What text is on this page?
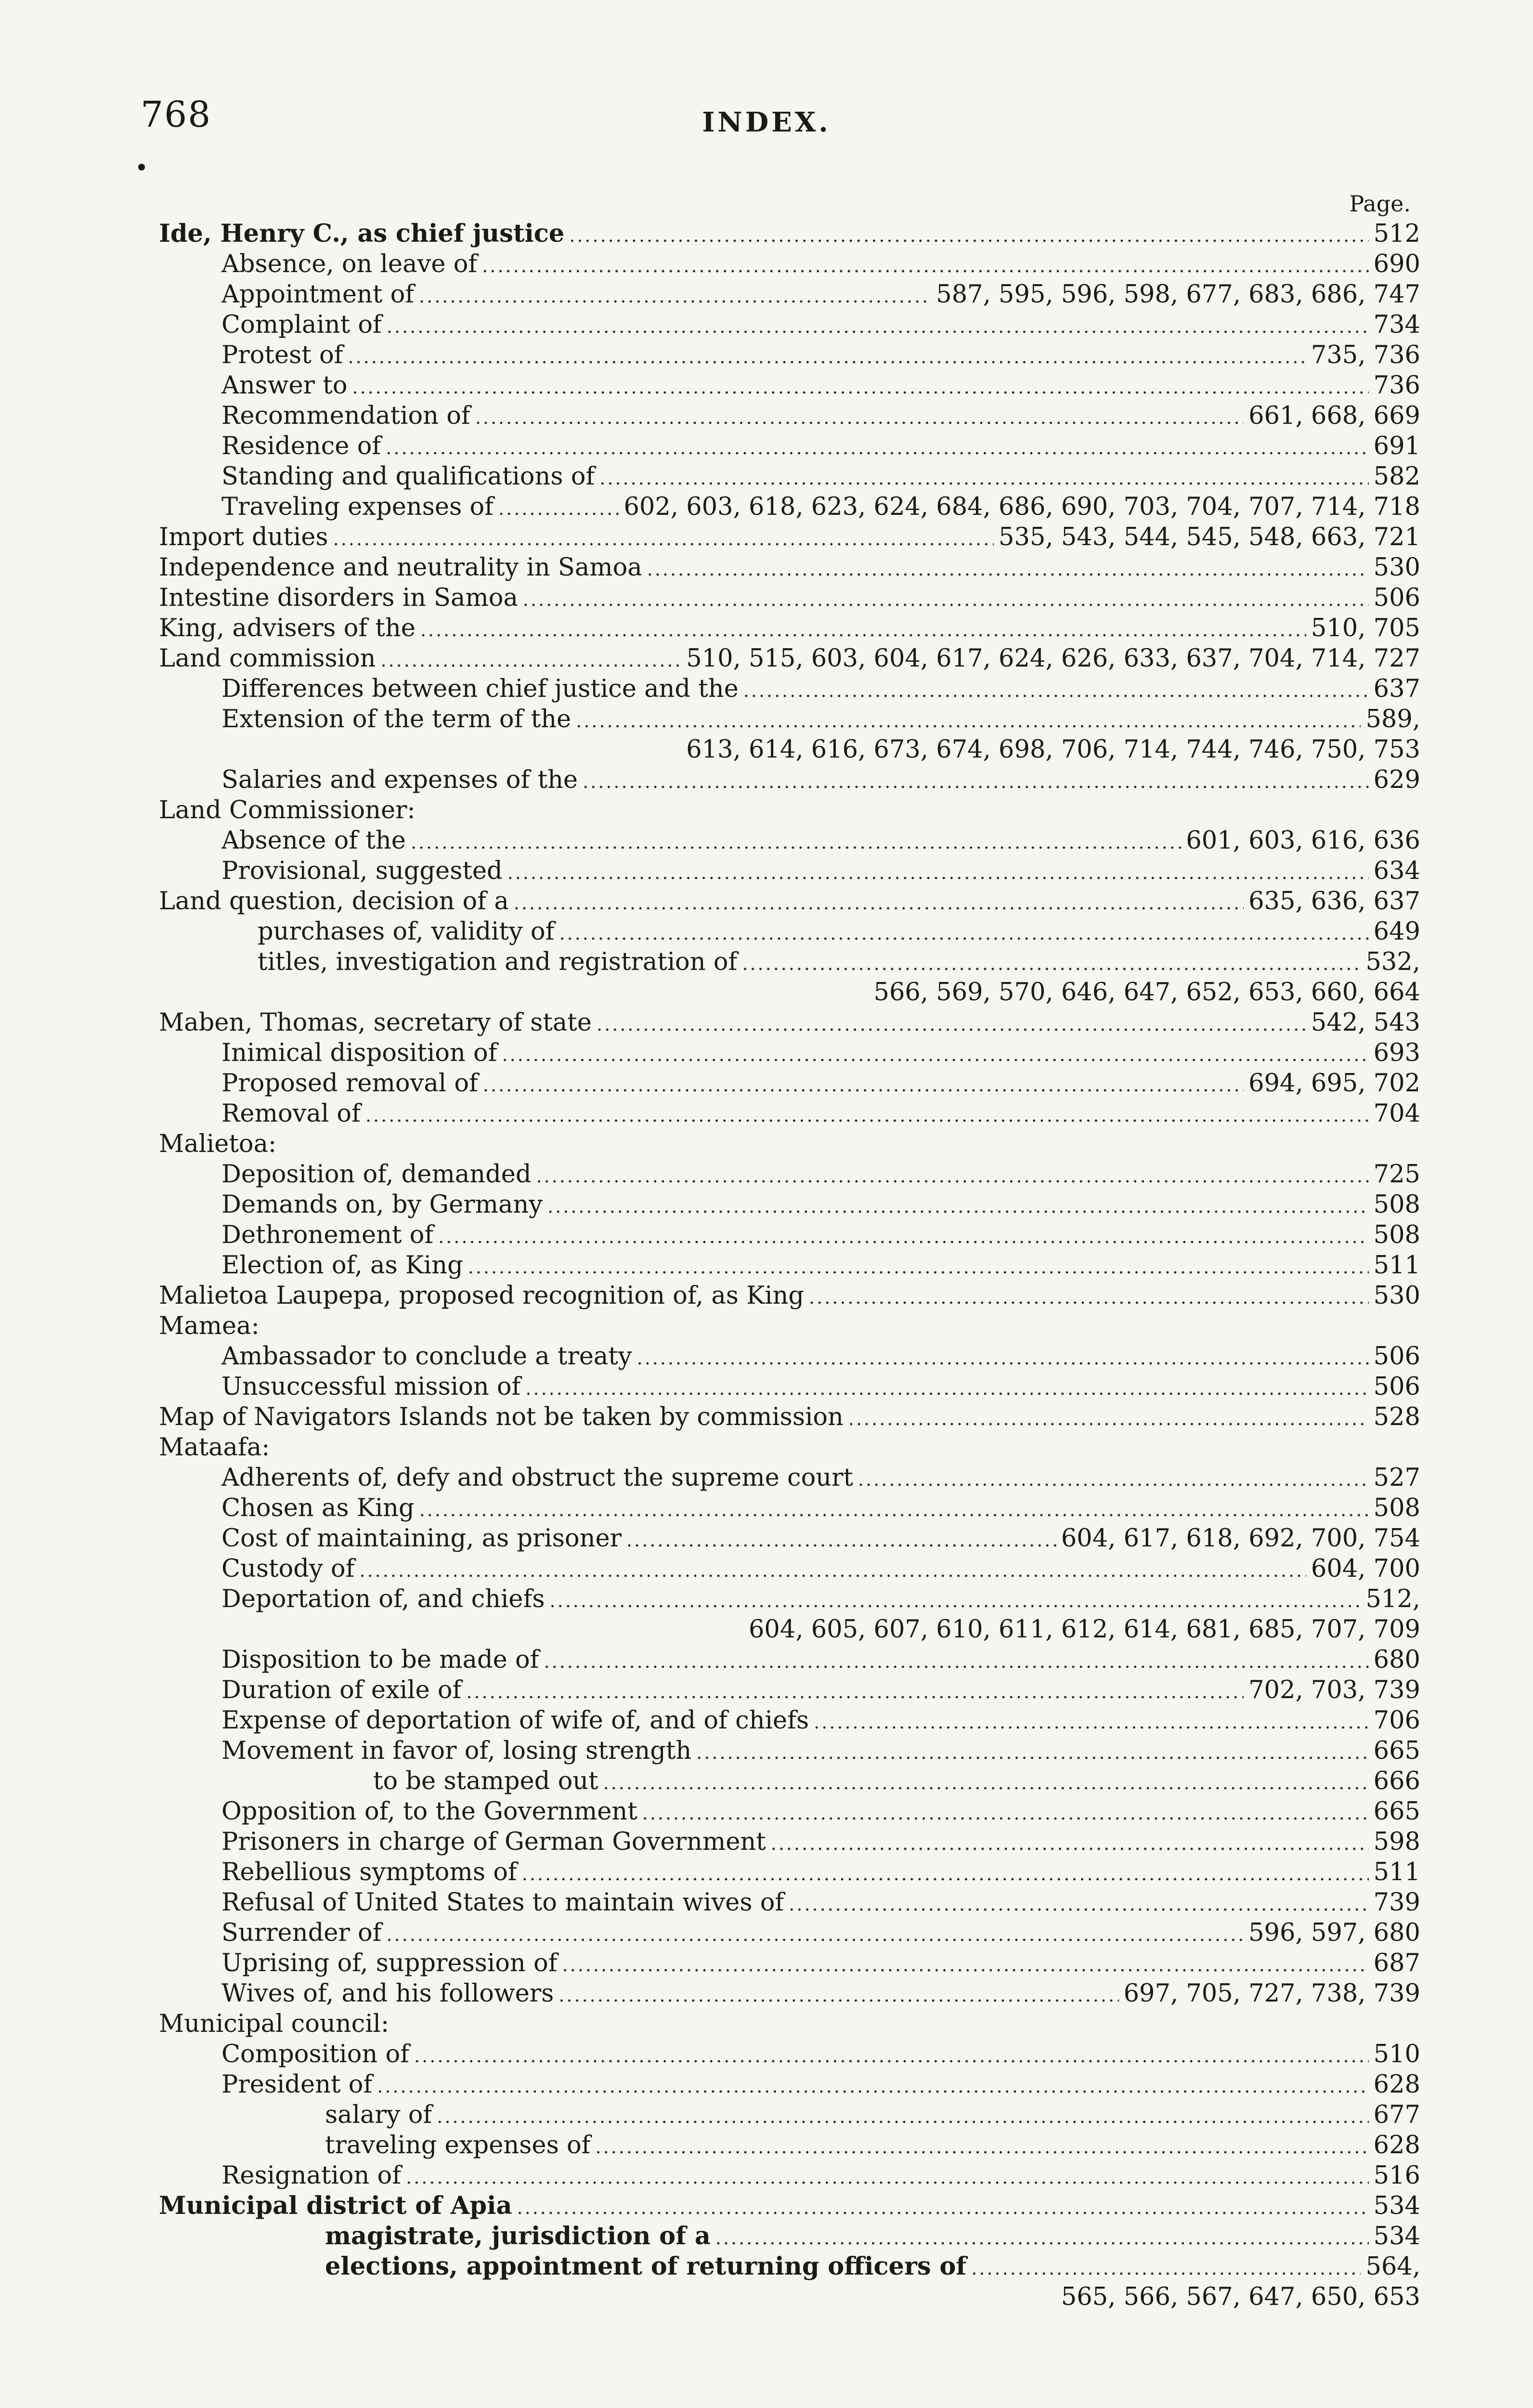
768	INDEX.
Page.
Ide, Henry C., as chief justice .....	512
Absence, on leave of .....	690
Appointment of .....	587, 595, 596, 598, 677, 683, 686, 747
Complaint of .....	734
Protest of .....	735, 736
Answer to .....	736
Recommendation of .....	661, 668, 669
Residence of .....	691
Standing and qualifications of .....	582
Traveling expenses of .....	602, 603, 618, 623, 624, 684, 686, 690, 703, 704, 707, 714, 718
Import duties .....	535, 543, 544, 545, 548, 663, 721
Independence and neutrality in Samoa .....	530
Intestine disorders in Samoa .....	506
King, advisers of the .....	510, 705
Land commission .....	510, 515, 603, 604, 617, 624, 626, 633, 637, 704, 714, 727
Differences between chief justice and the .....	637
Extension of the term of the .....	589,
613, 614, 616, 673, 674, 698, 706, 714, 744, 746, 750, 753
Salaries and expenses of the .....	629
Land Commissioner:
Absence of the .....	601, 603, 616, 636
Provisional, suggested .....	634
Land question, decision of a .....	635, 636, 637
purchases of, validity of .....	649
titles, investigation and registration of .....	532,
566, 569, 570, 646, 647, 652, 653, 660, 664
Maben, Thomas, secretary of state .....	542, 543
Inimical disposition of .....	693
Proposed removal of .....	694, 695, 702
Removal of .....	704
Malietoa:
Deposition of, demanded .....	725
Demands on, by Germany .....	508
Dethronement of .....	508
Election of, as King .....	511
Malietoa Laupepa, proposed recognition of, as King .....	530
Mamea:
Ambassador to conclude a treaty .....	506
Unsuccessful mission of .....	506
Map of Navigators Islands not be taken by commission .....	528
Mataafa:
Adherents of, defy and obstruct the supreme court .....	527
Chosen as King .....	508
Cost of maintaining, as prisoner .....	604, 617, 618, 692, 700, 754
Custody of .....	604, 700
Deportation of, and chiefs .....	512,
604, 605, 607, 610, 611, 612, 614, 681, 685, 707, 709
Disposition to be made of .....	680
Duration of exile of .....	702, 703, 739
Expense of deportation of wife of, and of chiefs .....	706
Movement in favor of, losing strength .....	665
to be stamped out .....	666
Opposition of, to the Government .....	665
Prisoners in charge of German Government .....	598
Rebellious symptoms of .....	511
Refusal of United States to maintain wives of .....	739
Surrender of .....	596, 597, 680
Uprising of, suppression of .....	687
Wives of, and his followers .....	697, 705, 727, 738, 739
Municipal council:
Composition of .....	510
President of .....	628
salary of .....	677
traveling expenses of .....	628
Resignation of .....	516
Municipal district of Apia .....	534
magistrate, jurisdiction of a .....	534
elections, appointment of returning officers of .....	564,
565, 566, 567, 647, 650, 653
